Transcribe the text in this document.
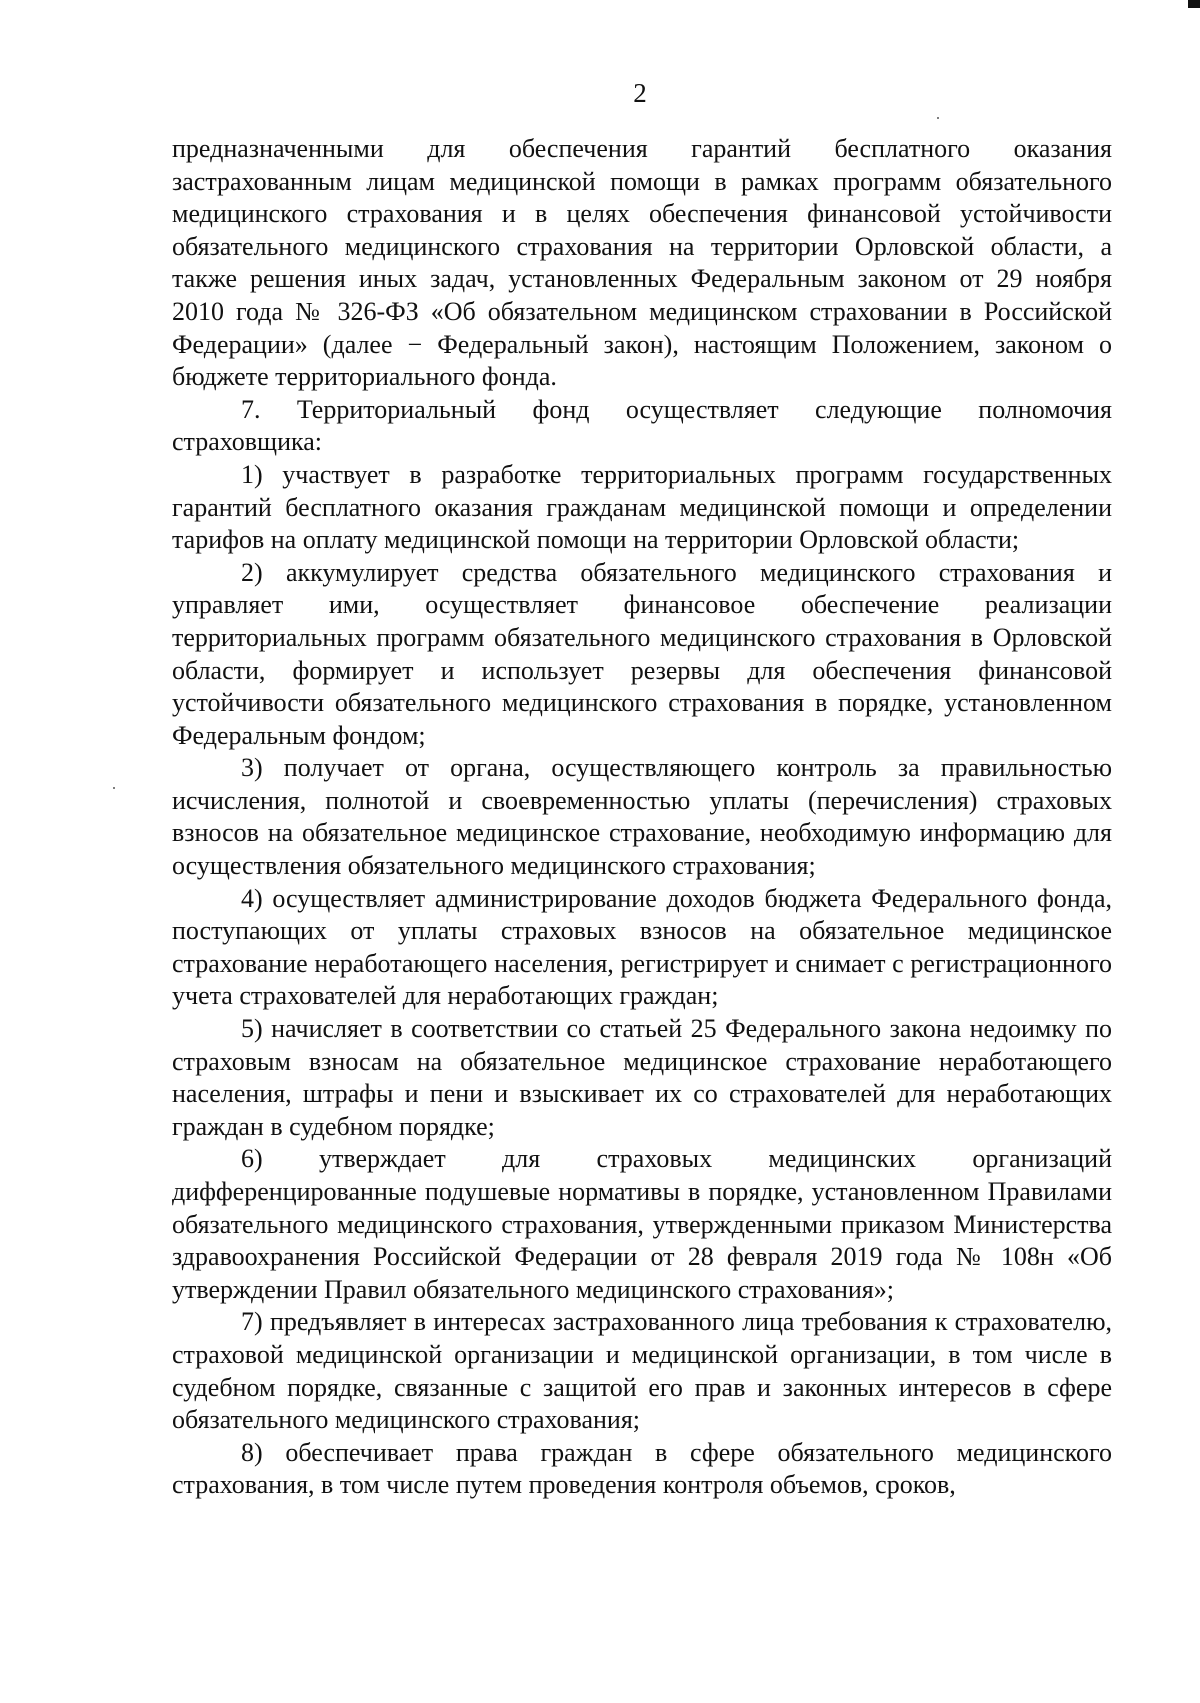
2

предназначенными для обеспечения гарантий бесплатного оказания застрахованным лицам медицинской помощи в рамках программ обязательного медицинского страхования и в целях обеспечения финансовой устойчивости обязательного медицинского страхования на территории Орловской области, а также решения иных задач, установленных Федеральным законом от 29 ноября 2010 года № 326-ФЗ «Об обязательном медицинском страховании в Российской Федерации» (далее − Федеральный закон), настоящим Положением, законом о бюджете территориального фонда.

7. Территориальный фонд осуществляет следующие полномочия страховщика:

1) участвует в разработке территориальных программ государственных гарантий бесплатного оказания гражданам медицинской помощи и определении тарифов на оплату медицинской помощи на территории Орловской области;

2) аккумулирует средства обязательного медицинского страхования и управляет ими, осуществляет финансовое обеспечение реализации территориальных программ обязательного медицинского страхования в Орловской области, формирует и использует резервы для обеспечения финансовой устойчивости обязательного медицинского страхования в порядке, установленном Федеральным фондом;

3) получает от органа, осуществляющего контроль за правильностью исчисления, полнотой и своевременностью уплаты (перечисления) страховых взносов на обязательное медицинское страхование, необходимую информацию для осуществления обязательного медицинского страхования;

4) осуществляет администрирование доходов бюджета Федерального фонда, поступающих от уплаты страховых взносов на обязательное медицинское страхование неработающего населения, регистрирует и снимает с регистрационного учета страхователей для неработающих граждан;

5) начисляет в соответствии со статьей 25 Федерального закона недоимку по страховым взносам на обязательное медицинское страхование неработающего населения, штрафы и пени и взыскивает их со страхователей для неработающих граждан в судебном порядке;

6) утверждает для страховых медицинских организаций дифференцированные подушевые нормативы в порядке, установленном Правилами обязательного медицинского страхования, утвержденными приказом Министерства здравоохранения Российской Федерации от 28 февраля 2019 года № 108н «Об утверждении Правил обязательного медицинского страхования»;

7) предъявляет в интересах застрахованного лица требования к страхователю, страховой медицинской организации и медицинской организации, в том числе в судебном порядке, связанные с защитой его прав и законных интересов в сфере обязательного медицинского страхования;

8) обеспечивает права граждан в сфере обязательного медицинского страхования, в том числе путем проведения контроля объемов, сроков,
